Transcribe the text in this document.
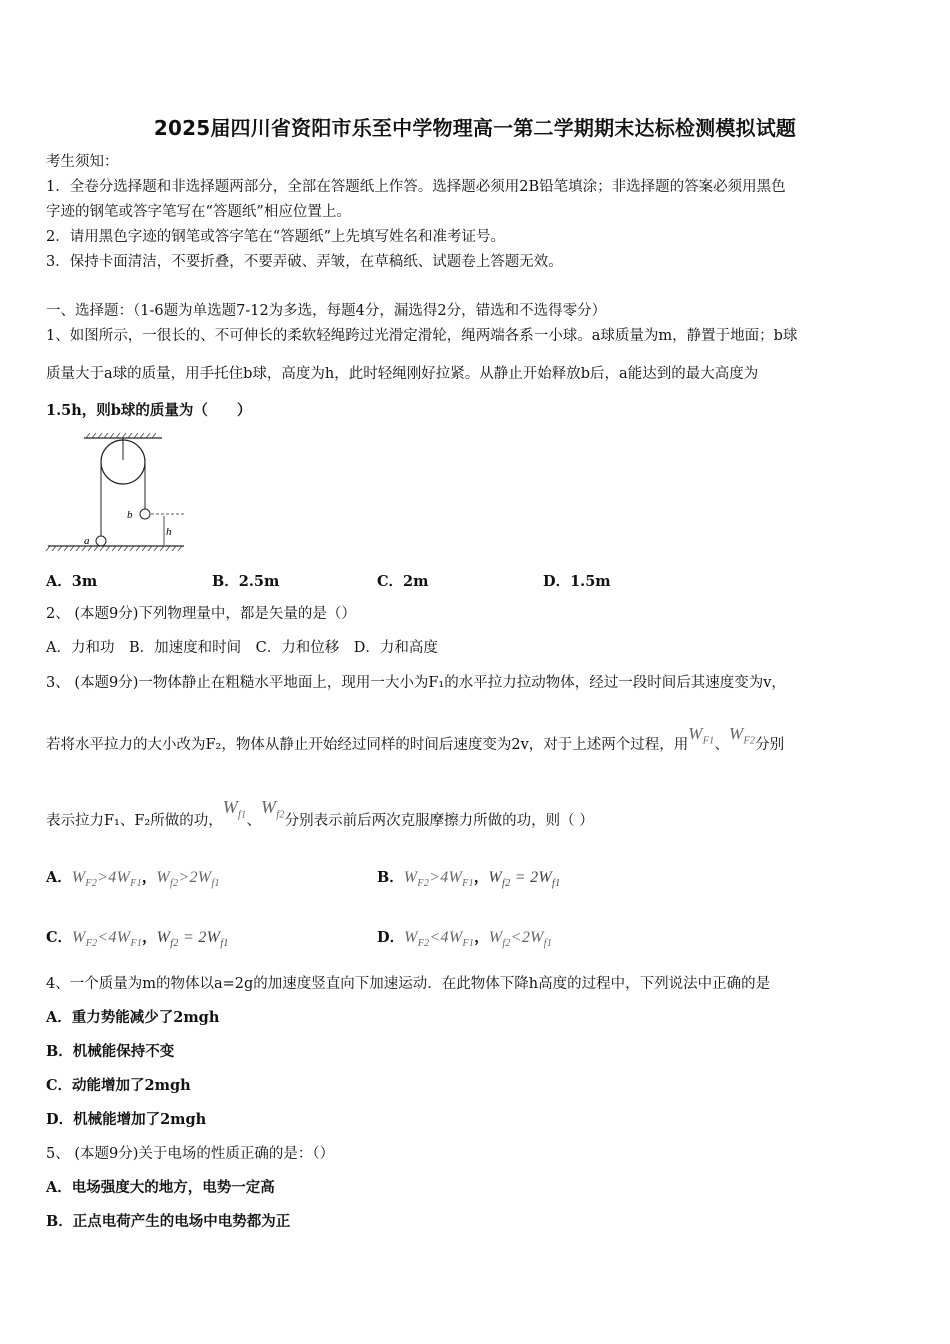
2025届四川省资阳市乐至中学物理高一第二学期期末达标检测模拟试题
考生须知：
1．全卷分选择题和非选择题两部分，全部在答题纸上作答。选择题必须用2B铅笔填涂；非选择题的答案必须用黑色
字迹的钢笔或答字笔写在“答题纸”相应位置上。
2．请用黑色字迹的钢笔或答字笔在“答题纸”上先填写姓名和准考证号。
3．保持卡面清洁，不要折叠，不要弄破、弄皱，在草稿纸、试题卷上答题无效。
一、选择题：（1-6题为单选题7-12为多选，每题4分，漏选得2分，错选和不选得零分）
1、如图所示，一很长的、不可伸长的柔软轻绳跨过光滑定滑轮，绳两端各系一小球。a球质量为m，静置于地面；b球
质量大于a球的质量，用手托住b球，高度为h，此时轻绳刚好拉紧。从静止开始释放b后，a能达到的最大高度为
1.5h，则b球的质量为（　　）
b
h
a
A．3m	B．2.5m	C．2m	D．1.5m
2、 (本题9分)下列物理量中，都是矢量的是（）
A．力和功　B．加速度和时间　C．力和位移　D．力和高度
3、 (本题9分)一物体静止在粗糙水平地面上，现用一大小为F₁的水平拉力拉动物体，经过一段时间后其速度变为v，
若将水平拉力的大小改为F₂，物体从静止开始经过同样的时间后速度变为2v，对于上述两个过程，用$W_{F1}$、$W_{F2}$分别
表示拉力F₁、F₂所做的功，$W_{f1}$、$W_{f2}$分别表示前后两次克服摩擦力所做的功，则（ ）
A．$W_{F2}>4W_{F1}$，$W_{f2}>2W_{f1}$	B．$W_{F2}>4W_{F1}$，$W_{f2} = 2W_{f1}$
C．$W_{F2}<4W_{F1}$，$W_{f2} = 2W_{f1}$	D．$W_{F2}<4W_{F1}$，$W_{f2}<2W_{f1}$
4、一个质量为m的物体以a=2g的加速度竖直向下加速运动．在此物体下降h高度的过程中，下列说法中正确的是
A．重力势能减少了2mgh
B．机械能保持不变
C．动能增加了2mgh
D．机械能增加了2mgh
5、 (本题9分)关于电场的性质正确的是：（）
A．电场强度大的地方，电势一定高
B．正点电荷产生的电场中电势都为正
